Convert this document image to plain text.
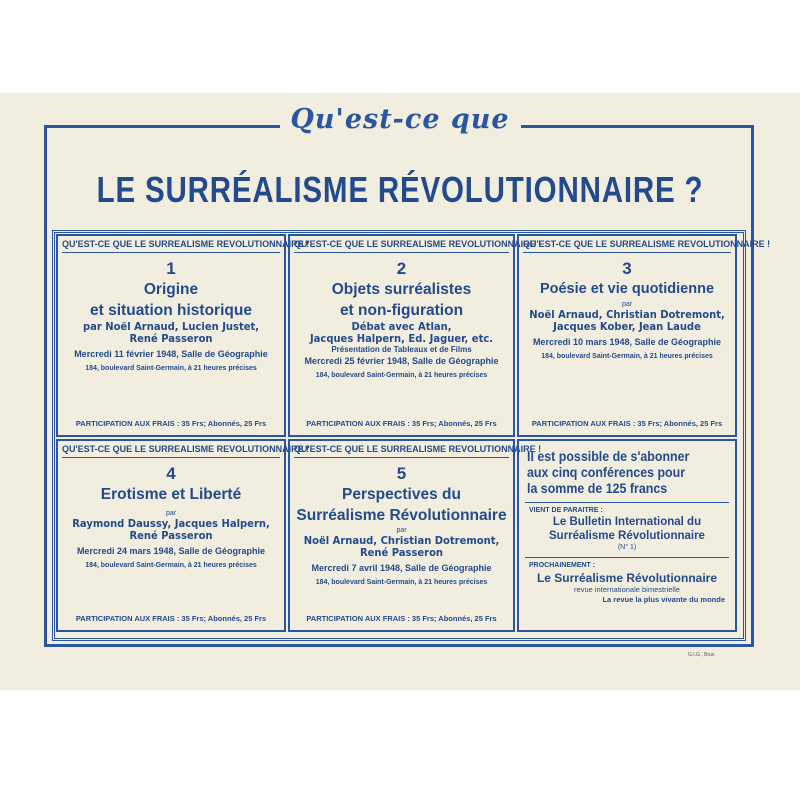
Qu'est-ce que
LE SURRÉALISME RÉVOLUTIONNAIRE ?
QU'EST-CE QUE LE SURREALISME REVOLUTIONNAIRE !
1
Origine
et situation historique
par Noël Arnaud, Lucien Justet,
René Passeron
Mercredi 11 février 1948, Salle de Géographie
184, boulevard Saint-Germain, à 21 heures précises
PARTICIPATION AUX FRAIS : 35 Frs; Abonnés, 25 Frs
QU'EST-CE QUE LE SURREALISME REVOLUTIONNAIRE !
2
Objets surréalistes
et non-figuration
Débat avec Atlan,
Jacques Halpern, Ed. Jaguer, etc.
Présentation de Tableaux et de Films
Mercredi 25 février 1948, Salle de Géographie
184, boulevard Saint-Germain, à 21 heures précises
PARTICIPATION AUX FRAIS : 35 Frs; Abonnés, 25 Frs
QU'EST-CE QUE LE SURREALISME REVOLUTIONNAIRE !
3
Poésie et vie quotidienne
par
Noël Arnaud, Christian Dotremont,
Jacques Kober, Jean Laude
Mercredi 10 mars 1948, Salle de Géographie
184, boulevard Saint-Germain, à 21 heures précises
PARTICIPATION AUX FRAIS : 35 Frs; Abonnés, 25 Frs
QU'EST-CE QUE LE SURREALISME REVOLUTIONNAIRE !
4
Erotisme et Liberté
par
Raymond Daussy, Jacques Halpern,
René Passeron
Mercredi 24 mars 1948, Salle de Géographie
184, boulevard Saint-Germain, à 21 heures précises
PARTICIPATION AUX FRAIS : 35 Frs; Abonnés, 25 Frs
QU'EST-CE QUE LE SURREALISME REVOLUTIONNAIRE !
5
Perspectives du
Surréalisme Révolutionnaire
par
Noël Arnaud, Christian Dotremont,
René Passeron
Mercredi 7 avril 1948, Salle de Géographie
184, boulevard Saint-Germain, à 21 heures précises
PARTICIPATION AUX FRAIS : 35 Frs; Abonnés, 25 Frs
Il est possible de s'abonner
aux cinq conférences pour
la somme de 125 francs
VIENT DE PARAITRE :
Le Bulletin International du
Surréalisme Révolutionnaire
(N° 1)
PROCHAINEMENT :
Le Surréalisme Révolutionnaire
revue internationale bimestrielle
La revue la plus vivante du monde
G.I.G., Brux.
